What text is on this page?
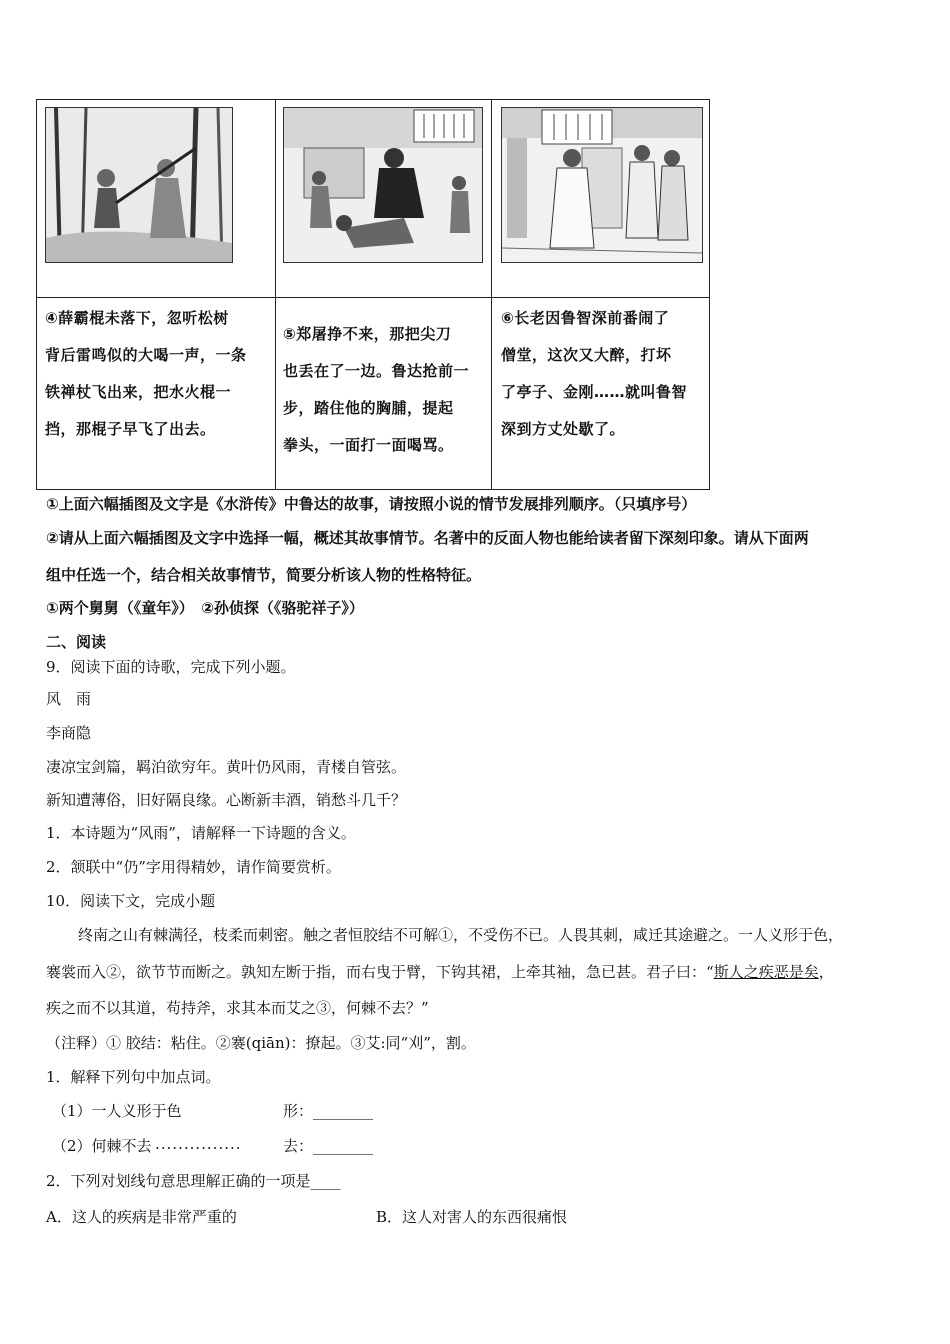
④薛霸棍未落下，忽听松树
背后雷鸣似的大喝一声，一条
铁禅杖飞出来，把水火棍一
挡，那棍子早飞了出去。
⑤郑屠挣不来，那把尖刀
也丢在了一边。鲁达抢前一
步，踏住他的胸脯，提起
拳头，一面打一面喝骂。
⑥长老因鲁智深前番闹了
僧堂，这次又大醉，打坏
了亭子、金刚……就叫鲁智
深到方丈处歇了。
①上面六幅插图及文字是《水浒传》中鲁达的故事，请按照小说的情节发展排列顺序。（只填序号）
②请从上面六幅插图及文字中选择一幅，概述其故事情节。名著中的反面人物也能给读者留下深刻印象。请从下面两
组中任选一个，结合相关故事情节，简要分析该人物的性格特征。
①两个舅舅（《童年》）　②孙侦探（《骆驼祥子》）
二、阅读
9．阅读下面的诗歌，完成下列小题。
风　雨
李商隐
凄凉宝剑篇，羁泊欲穷年。黄叶仍风雨，青楼自管弦。
新知遭薄俗，旧好隔良缘。心断新丰酒，销愁斗几千？
1．本诗题为“风雨”，请解释一下诗题的含义。
2．颔联中“仍”字用得精妙，请作简要赏析。
10．阅读下文，完成小题
终南之山有棘满径，枝柔而刺密。触之者恒胶结不可解①，不受伤不已。人畏其刺，咸迁其途避之。一人义形于色，
褰裳而入②，欲节节而断之。孰知左断于指，而右曳于臂，下钩其裙，上牵其袖，急已甚。君子曰：“斯人之疾恶是矣，
疾之而不以其道，苟持斧，求其本而艾之③，何棘不去？”
（注释）① 胶结：粘住。②褰(qiān)：撩起。③艾:同“刈”，割。
1．解释下列句中加点词。
（1）一人义形于色	形：________
（2）何棘不去 ...............	去：________
2．下列对划线句意思理解正确的一项是____
A．这人的疾病是非常严重的	B．这人对害人的东西很痛恨
